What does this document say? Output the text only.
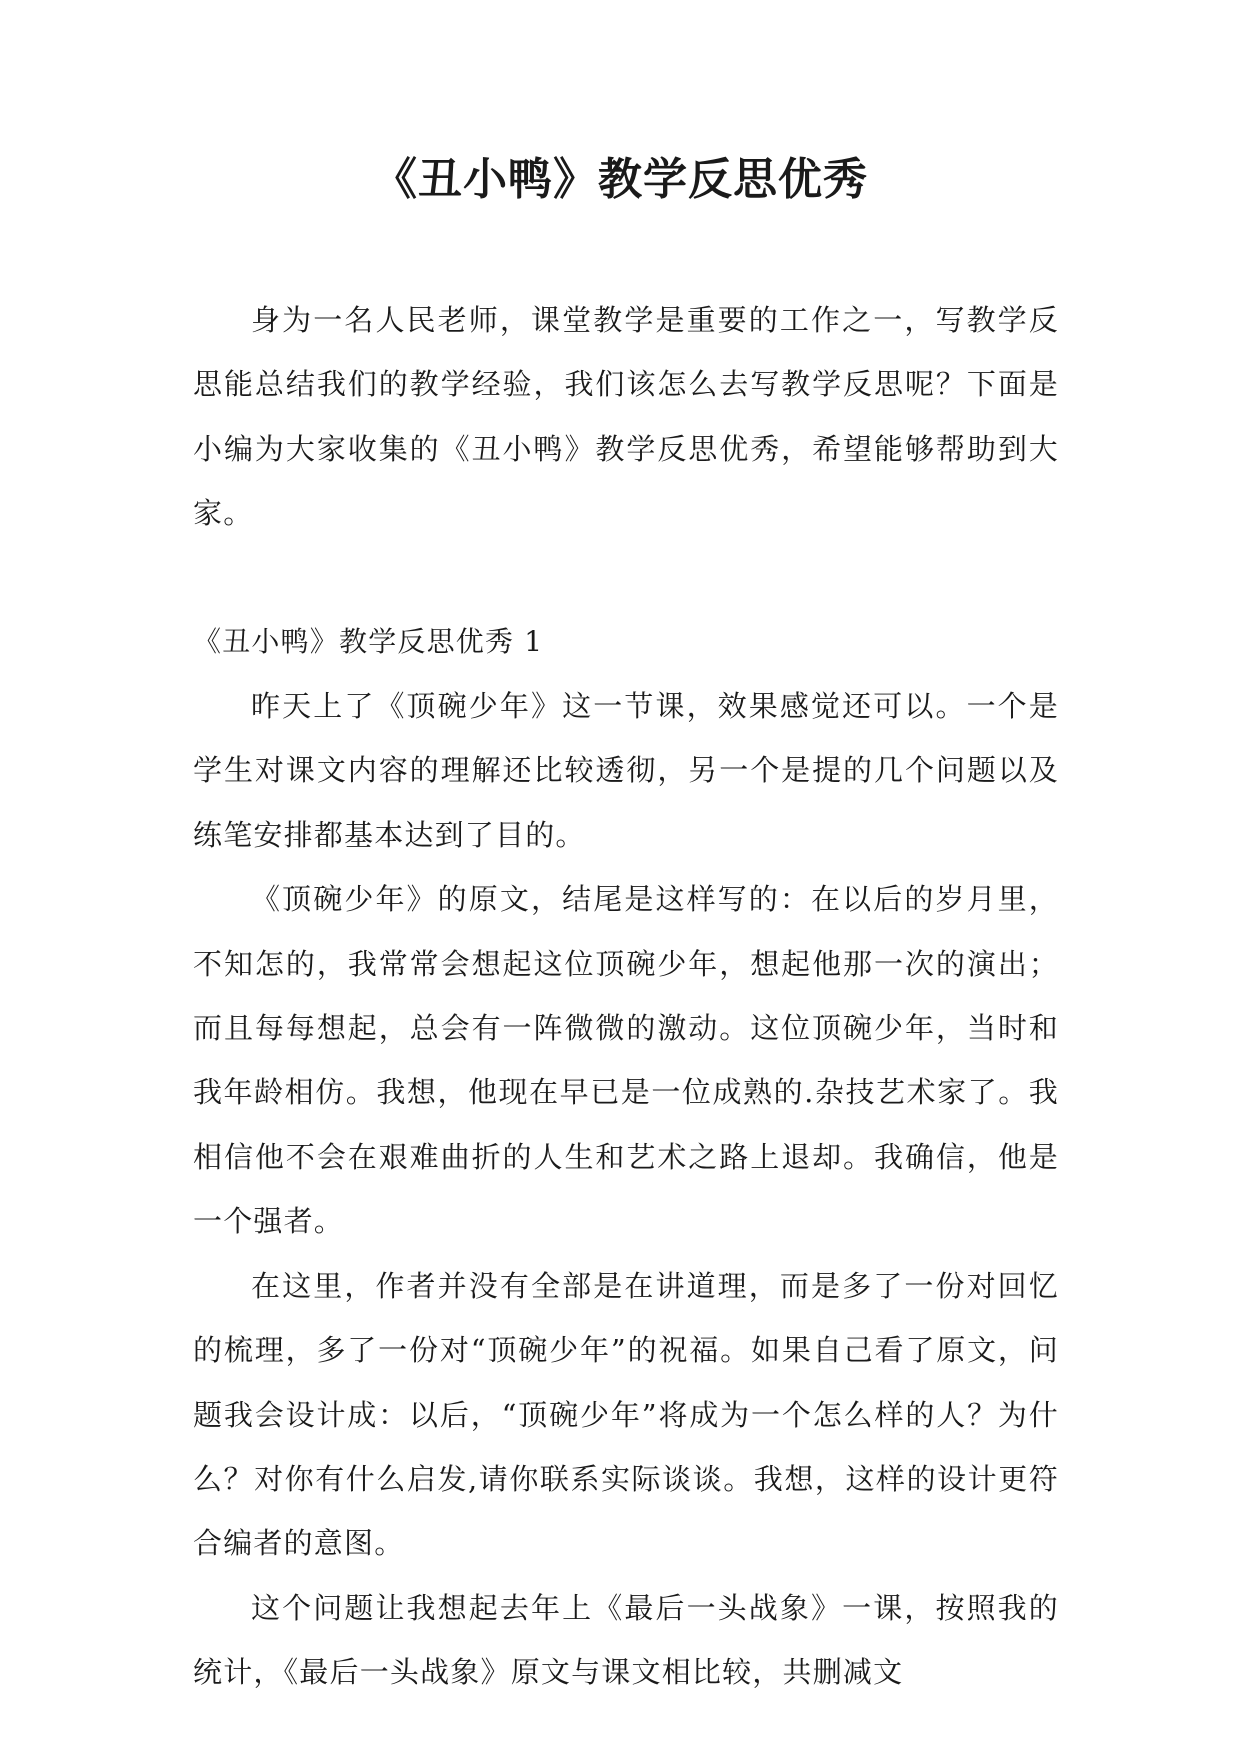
《丑小鸭》教学反思优秀

身为一名人民老师，课堂教学是重要的工作之一，写教学反思能总结我们的教学经验，我们该怎么去写教学反思呢？下面是小编为大家收集的《丑小鸭》教学反思优秀，希望能够帮助到大家。

《丑小鸭》教学反思优秀 1

昨天上了《顶碗少年》这一节课，效果感觉还可以。一个是学生对课文内容的理解还比较透彻，另一个是提的几个问题以及练笔安排都基本达到了目的。

《顶碗少年》的原文，结尾是这样写的：在以后的岁月里，不知怎的，我常常会想起这位顶碗少年，想起他那一次的演出；而且每每想起，总会有一阵微微的激动。这位顶碗少年，当时和我年龄相仿。我想，他现在早已是一位成熟的.杂技艺术家了。我相信他不会在艰难曲折的人生和艺术之路上退却。我确信，他是一个强者。

在这里，作者并没有全部是在讲道理，而是多了一份对回忆的梳理，多了一份对“顶碗少年”的祝福。如果自己看了原文，问题我会设计成：以后，“顶碗少年”将成为一个怎么样的人？为什么？对你有什么启发,请你联系实际谈谈。我想，这样的设计更符合编者的意图。

这个问题让我想起去年上《最后一头战象》一课，按照我的统计，《最后一头战象》原文与课文相比较，共删减文
